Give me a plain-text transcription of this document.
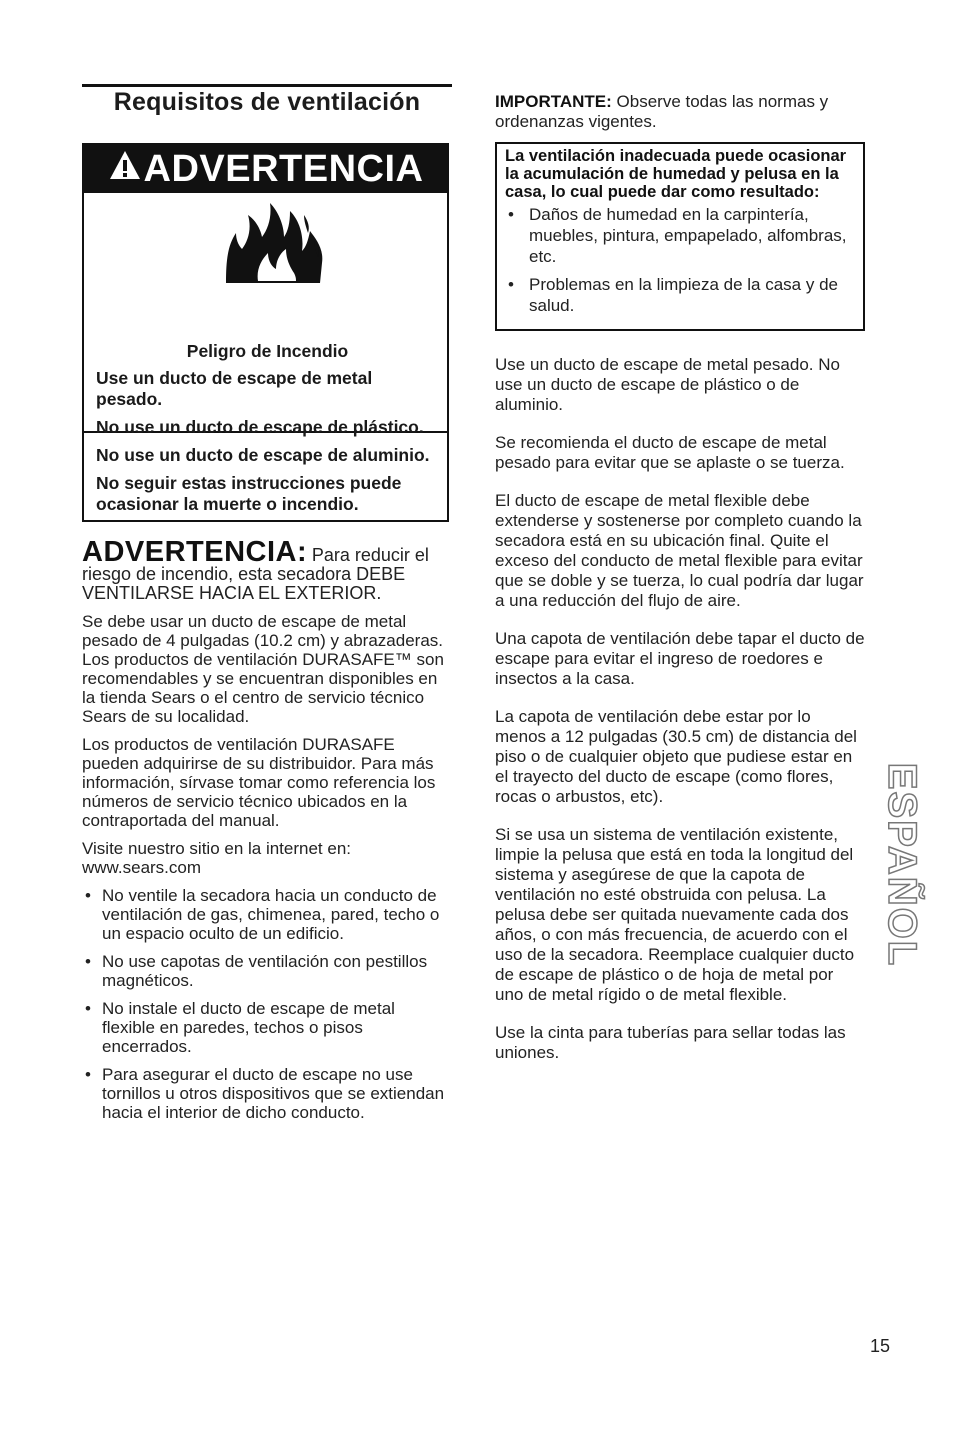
Requisitos de ventilación
ADVERTENCIA

Peligro de Incendio

Use un ducto de escape de metal pesado.

No use un ducto de escape de plástico.

No use un ducto de escape de aluminio.

No seguir estas instrucciones puede ocasionar la muerte o incendio.

ADVERTENCIA: Para reducir el riesgo de incendio, esta secadora DEBE VENTILARSE HACIA EL EXTERIOR.

Se debe usar un ducto de escape de metal pesado de 4 pulgadas (10.2 cm) y abrazaderas. Los productos de ventilación DURASAFE™ son recomendables y se encuentran disponibles en la tienda Sears o el centro de servicio técnico Sears de su localidad.

Los productos de ventilación DURASAFE pueden adquirirse de su distribuidor. Para más información, sírvase tomar como referencia los números de servicio técnico ubicados en la contraportada del manual.

Visite nuestro sitio en la internet en: www.sears.com

• No ventile la secadora hacia un conducto de ventilación de gas, chimenea, pared, techo o un espacio oculto de un edificio.
• No use capotas de ventilación con pestillos magnéticos.
• No instale el ducto de escape de metal flexible en paredes, techos o pisos encerrados.
• Para asegurar el ducto de escape no use tornillos u otros dispositivos que se extiendan hacia el interior de dicho conducto.

IMPORTANTE: Observe todas las normas y ordenanzas vigentes.

La ventilación inadecuada puede ocasionar la acumulación de humedad y pelusa en la casa, lo cual puede dar como resultado:

• Daños de humedad en la carpintería, muebles, pintura, empapelado, alfombras, etc.
• Problemas en la limpieza de la casa y de salud.

Use un ducto de escape de metal pesado. No use un ducto de escape de plástico o de aluminio.

Se recomienda el ducto de escape de metal pesado para evitar que se aplaste o se tuerza.

El ducto de escape de metal flexible debe extenderse y sostenerse por completo cuando la secadora está en su ubicación final. Quite el exceso del conducto de metal flexible para evitar que se doble y se tuerza, lo cual podría dar lugar a una reducción del flujo de aire.

Una capota de ventilación debe tapar el ducto de escape para evitar el ingreso de roedores e insectos a la casa.

La capota de ventilación debe estar por lo menos a 12 pulgadas (30.5 cm) de distancia del piso o de cualquier objeto que pudiese estar en el trayecto del ducto de escape (como flores, rocas o arbustos, etc).

Si se usa un sistema de ventilación existente, limpie la pelusa que está en toda la longitud del sistema y asegúrese de que la capota de ventilación no esté obstruida con pelusa. La pelusa debe ser quitada nuevamente cada dos años, o con más frecuencia, de acuerdo con el uso de la secadora. Reemplace cualquier ducto de escape de plástico o de hoja de metal por uno de metal rígido o de metal flexible.

Use la cinta para tuberías para sellar todas las uniones.

ESPAÑOL
15
